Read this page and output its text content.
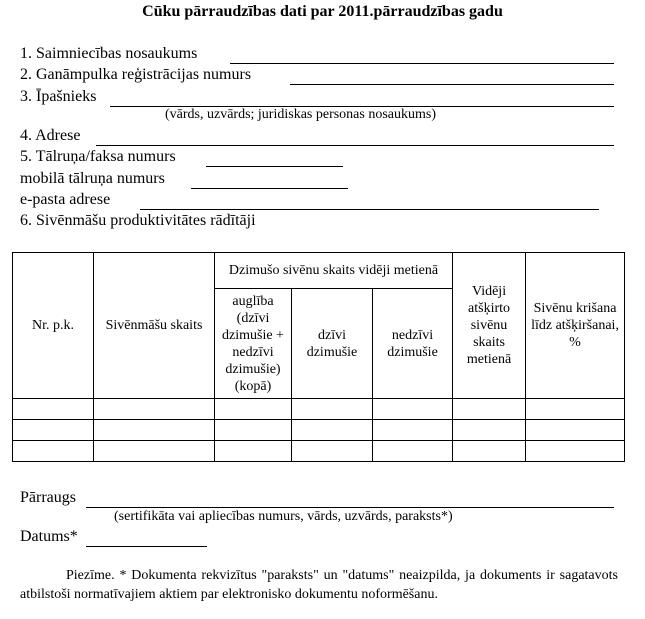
Cūku pārraudzības dati par 2011.pārraudzības gadu
1. Saimniecības nosaukums
2. Ganāmpulka reģistrācijas numurs
3. Īpašnieks
(vārds, uzvārds; juridiskas personas nosaukums)
4. Adrese
5. Tālruņa/faksa numurs
mobilā tālruņa numurs
e-pasta adrese
6. Sivēnmāšu produktivitātes rādītāji
Nr. p.k.	Sivēnmāšu skaits	Dzimušo sivēnu skaits vidēji metienā			Vidēji atšķirto sivēnu skaits metienā	Sivēnu krišana līdz atšķiršanai, %
		auglība (dzīvi dzimušie + nedzīvi dzimušie) (kopā)	dzīvi dzimušie	nedzīvi dzimušie		

Pārraugs
(sertifikāta vai apliecības numurs, vārds, uzvārds, paraksts*)
Datums*
Piezīme. * Dokumenta rekvizītus "paraksts" un "datums" neaizpilda, ja dokuments ir sagatavots atbilstoši normatīvajiem aktiem par elektronisko dokumentu noformēšanu.
